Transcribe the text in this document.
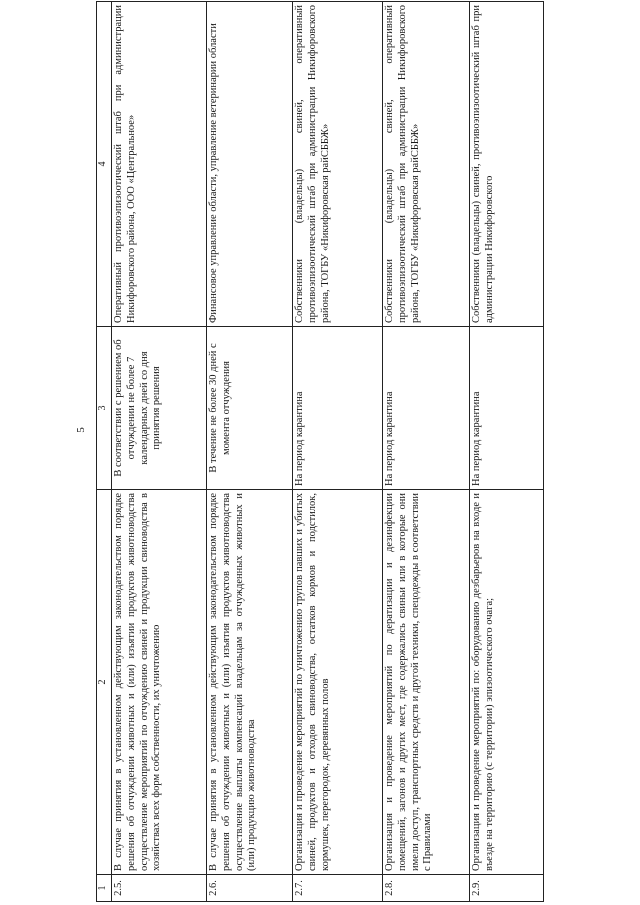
5
1	2	3	4
2.5.	В случае принятия в установленном действующим законодательством порядке решения об отчуждении животных и (или) изъятии продуктов животноводства осуществление мероприятий по отчуждению свиней и продукции свиноводства в хозяйствах всех форм собственности, их уничтожению	В соответствии с решением об отчуждении не более 7 календарных дней со дня принятия решения	Оперативный противоэпизоотический штаб при администрации Никифоровского района, ООО «Центральное»
2.6.	В случае принятия в установленном действующим законодательством порядке решения об отчуждении животных и (или) изъятия продуктов животноводства осуществление выплаты компенсаций владельцам за отчужденных животных и (или) продукцию животноводства	В течение не более 30 дней с момента отчуждения	Финансовое управление области, управление ветеринарии области
2.7.	Организация и проведение мероприятий по уничтожению трупов павших и убитых свиней, продуктов и отходов свиноводства, остатков кормов и подстилок, кормушек, перегородок, деревянных полов	На период карантина	Собственники (владельцы) свиней, оперативный противоэпизоотический штаб при администрации Никифоровского района, ТОГБУ «Никифоровская райСББЖ»
2.8.	Организация и проведение мероприятий по дератизации и дезинфекции помещений, загонов и других мест, где содержались свиньи или в которые они имели доступ, транспортных средств и другой техники, спецодежды в соответствии с Правилами	На период карантина	Собственники (владельцы) свиней, оперативный противоэпизоотический штаб при администрации Никифоровского района, ТОГБУ «Никифоровская райСББЖ»
2.9.	Организация и проведение мероприятий по: оборудованию дезбарьеров на входе и въезде на территорию (с территории) эпизоотического очага;	На период карантина	Собственники (владельцы) свиней, противоэпизоотический штаб при администрации Никифоровского
